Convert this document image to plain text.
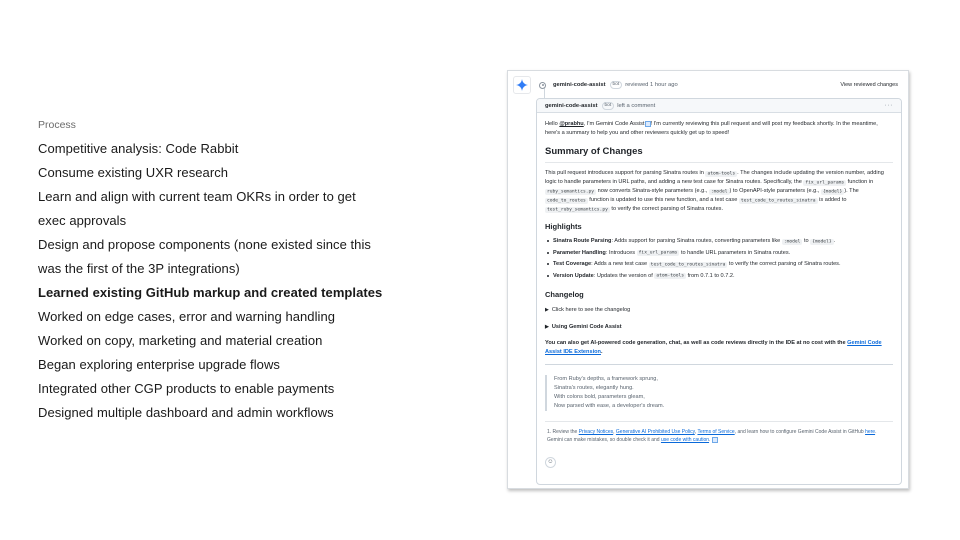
Process
Competitive analysis: Code Rabbit
Consume existing UXR research
Learn and align with current team OKRs in order to get
exec approvals
Design and propose components (none existed since this
was the first of the 3P integrations)
Learned existing GitHub markup and created templates
Worked on edge cases, error and warning handling
Worked on copy, marketing and material creation
Began exploring enterprise upgrade flows
Integrated other CGP products to enable payments
Designed multiple dashboard and admin workflows
gemini-code-assist	bot	reviewed 1 hour ago	View reviewed changes
gemini-code-assist	bot	left a comment	···

Hello @prabhu, I'm Gemini Code Assist ! I'm currently reviewing this pull request and will post my feedback shortly. In the meantime, here's a summary to help you and other reviewers quickly get up to speed!

Summary of Changes

This pull request introduces support for parsing Sinatra routes in atom-tools . The changes include updating the version number, adding logic to handle parameters in URL paths, and adding a new test case for Sinatra routes. Specifically, the fix_url_params function in ruby_semantics.py now converts Sinatra-style parameters (e.g., :model ) to OpenAPI-style parameters (e.g., {model} ). The code_to_routes function is updated to use this new function, and a test case test_code_to_routes_sinatra is added to test_ruby_semantics.py to verify the correct parsing of Sinatra routes.

Highlights
Sinatra Route Parsing: Adds support for parsing Sinatra routes, converting parameters like :model to {model} .
Parameter Handling: Introduces fix_url_params to handle URL parameters in Sinatra routes.
Test Coverage: Adds a new test case test_code_to_routes_sinatra to verify the correct parsing of Sinatra routes.
Version Update: Updates the version of atom-tools from 0.7.1 to 0.7.2.
Changelog
▶ Click here to see the changelog
▶ Using Gemini Code Assist

You can also get AI-powered code generation, chat, as well as code reviews directly in the IDE at no cost with the Gemini Code Assist IDE Extension.

From Ruby's depths, a framework sprung,
Sinatra's routes, elegantly hung.
With colons bold, parameters gleam,
Now parsed with ease, a developer's dream.

1. Review the Privacy Notices, Generative AI Prohibited Use Policy, Terms of Service, and learn how to configure Gemini Code Assist in GitHub here. Gemini can make mistakes, so double check it and use code with caution.

☺
